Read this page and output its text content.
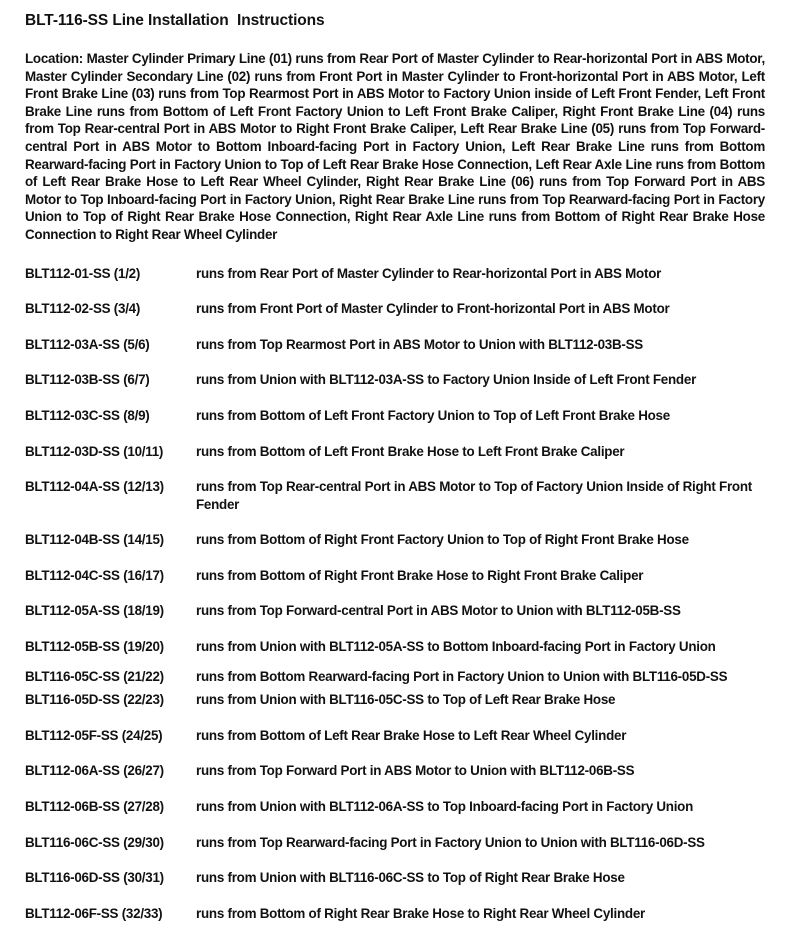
BLT-116-SS Line Installation  Instructions

Location: Master Cylinder Primary Line (01) runs from Rear Port of Master Cylinder to Rear-horizontal Port in ABS Motor, Master Cylinder Secondary Line (02) runs from Front Port in Master Cylinder to Front-horizontal Port in ABS Motor, Left Front Brake Line (03) runs from Top Rearmost Port in ABS Motor to Factory Union inside of Left Front Fender, Left Front Brake Line runs from Bottom of Left Front Factory Union to Left Front Brake Caliper, Right Front Brake Line (04) runs from Top Rear-central Port in ABS Motor to Right Front Brake Caliper, Left Rear Brake Line (05) runs from Top Forward-central Port in ABS Motor to Bottom Inboard-facing Port in Factory Union, Left Rear Brake Line runs from Bottom Rearward-facing Port in Factory Union to Top of Left Rear Brake Hose Connection, Left Rear Axle Line runs from Bottom of Left Rear Brake Hose to Left Rear Wheel Cylinder, Right Rear Brake Line (06) runs from Top Forward Port in ABS Motor to Top Inboard-facing Port in Factory Union, Right Rear Brake Line runs from Top Rearward-facing Port in Factory Union to Top of Right Rear Brake Hose Connection, Right Rear Axle Line runs from Bottom of Right Rear Brake Hose Connection to Right Rear Wheel Cylinder

BLT112-01-SS (1/2)	runs from Rear Port of Master Cylinder to Rear-horizontal Port in ABS Motor
BLT112-02-SS (3/4)	runs from Front Port of Master Cylinder to Front-horizontal Port in ABS Motor
BLT112-03A-SS (5/6)	runs from Top Rearmost Port in ABS Motor to Union with BLT112-03B-SS
BLT112-03B-SS (6/7)	runs from Union with BLT112-03A-SS to Factory Union Inside of Left Front Fender
BLT112-03C-SS (8/9)	runs from Bottom of Left Front Factory Union to Top of Left Front Brake Hose
BLT112-03D-SS (10/11)	runs from Bottom of Left Front Brake Hose to Left Front Brake Caliper
BLT112-04A-SS (12/13)	runs from Top Rear-central Port in ABS Motor to Top of Factory Union Inside of Right Front Fender
BLT112-04B-SS (14/15)	runs from Bottom of Right Front Factory Union to Top of Right Front Brake Hose
BLT112-04C-SS (16/17)	runs from Bottom of Right Front Brake Hose to Right Front Brake Caliper
BLT112-05A-SS (18/19)	runs from Top Forward-central Port in ABS Motor to Union with BLT112-05B-SS
BLT112-05B-SS (19/20)	runs from Union with BLT112-05A-SS to Bottom Inboard-facing Port in Factory Union
BLT116-05C-SS (21/22)	runs from Bottom Rearward-facing Port in Factory Union to Union with BLT116-05D-SS
BLT116-05D-SS (22/23)	runs from Union with BLT116-05C-SS to Top of Left Rear Brake Hose
BLT112-05F-SS (24/25)	runs from Bottom of Left Rear Brake Hose to Left Rear Wheel Cylinder
BLT112-06A-SS (26/27)	runs from Top Forward Port in ABS Motor to Union with BLT112-06B-SS
BLT112-06B-SS (27/28)	runs from Union with BLT112-06A-SS to Top Inboard-facing Port in Factory Union
BLT116-06C-SS (29/30)	runs from Top Rearward-facing Port in Factory Union to Union with BLT116-06D-SS
BLT116-06D-SS (30/31)	runs from Union with BLT116-06C-SS to Top of Right Rear Brake Hose
BLT112-06F-SS (32/33)	runs from Bottom of Right Rear Brake Hose to Right Rear Wheel Cylinder
